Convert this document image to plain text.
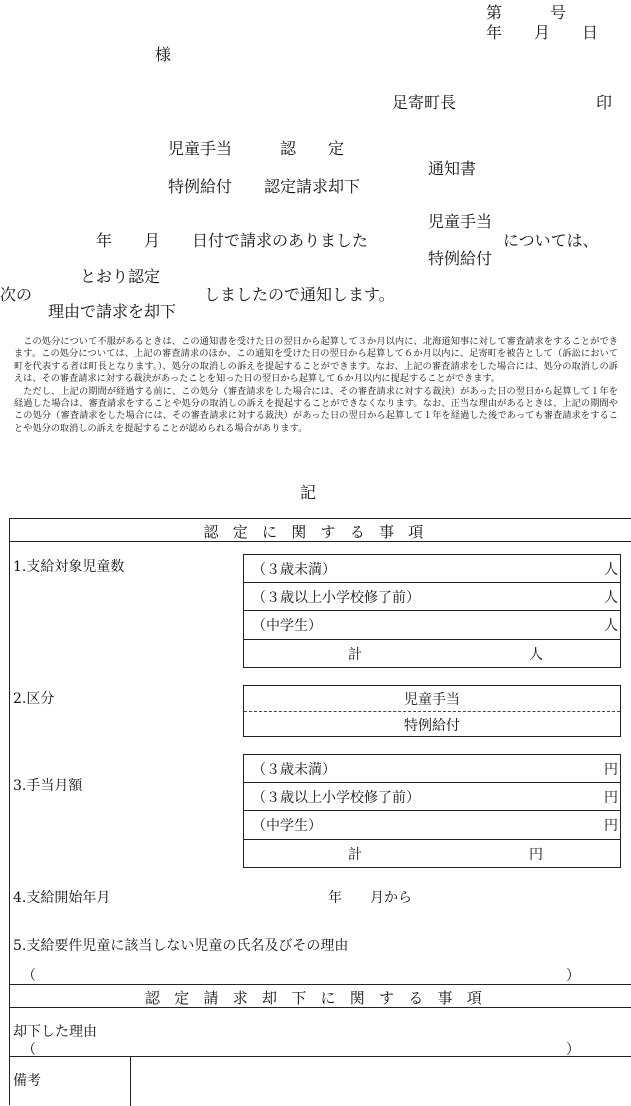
第　　　号
年　　月　　日
様
足寄町長	印
児童手当　　　認　　定
特例給付　　認定請求却下
通知書
年　　月　　日付で請求のありました
児童手当
特例給付
については、
次の
とおり認定
理由で請求を却下
しましたので通知します。

この処分について不服があるときは、この通知書を受けた日の翌日から起算して３か月以内に、北海道知事に対して審査請求をすることができます。この処分については、上記の審査請求のほか、この通知を受けた日の翌日から起算して６か月以内に、足寄町を被告として（訴訟において町を代表する者は町長となります。）、処分の取消しの訴えを提起することができます。なお、上記の審査請求をした場合には、処分の取消しの訴えは、その審査請求に対する裁決があったことを知った日の翌日から起算して６か月以内に提起することができます。

ただし、上記の期間が経過する前に、この処分（審査請求をした場合には、その審査請求に対する裁決）があった日の翌日から起算して１年を経過した場合は、審査請求をすることや処分の取消しの訴えを提起することができなくなります。なお、正当な理由があるときは、上記の期間やこの処分（審査請求をした場合には、その審査請求に対する裁決）があった日の翌日から起算して１年を経過した後であっても審査請求をすることや処分の取消しの訴えを提起することが認められる場合があります。

記
認定に関する事項
1.支給対象児童数	（３歳未満）	人
（３歳以上小学校修了前）	人
（中学生）	人
計	人
2.区分	児童手当
特例給付
3.手当月額
（３歳未満）	円
（３歳以上小学校修了前）	円
（中学生）	円
計	円
4.支給開始年月	年　　月から
5.支給要件児童に該当しない児童の氏名及びその理由
（	）
認定請求却下に関する事項
却下した理由
（	）
備考
